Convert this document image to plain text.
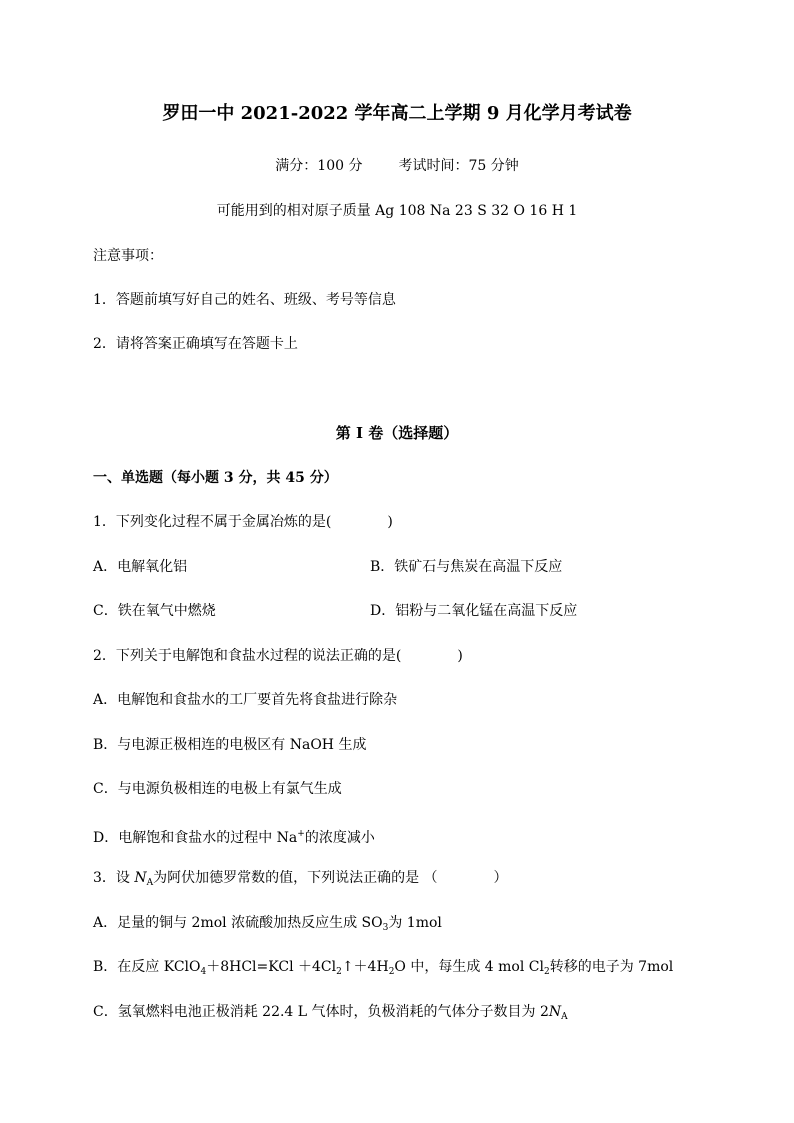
罗田一中 2021-2022 学年高二上学期 9 月化学月考试卷
满分：100 分	考试时间：75 分钟
可能用到的相对原子质量 Ag 108 Na 23 S 32 O 16 H 1
注意事项：
1．答题前填写好自己的姓名、班级、考号等信息
2．请将答案正确填写在答题卡上
第 I 卷（选择题）
一、单选题（每小题 3 分，共 45 分）
1．下列变化过程不属于金属冶炼的是(　　　　)
A．电解氧化铝	B．铁矿石与焦炭在高温下反应
C．铁在氧气中燃烧	D．铝粉与二氧化锰在高温下反应
2．下列关于电解饱和食盐水过程的说法正确的是(　　　　)
A．电解饱和食盐水的工厂要首先将食盐进行除杂
B．与电源正极相连的电极区有 NaOH 生成
C．与电源负极相连的电极上有氯气生成
D．电解饱和食盐水的过程中 Na+的浓度减小
3．设 $N_A$为阿伏加德罗常数的值，下列说法正确的是 （　　　　）
A．足量的铜与 2mol 浓硫酸加热反应生成 $SO_3$为 1mol
B．在反应 KClO$_4$＋8HCl=KCl $+4Cl_2↑+4H_2O$ 中，每生成 4 mol $Cl_2$转移的电子为 7mol
C．氢氧燃料电池正极消耗 22.4 L 气体时，负极消耗的气体分子数目为 $2N_A$
